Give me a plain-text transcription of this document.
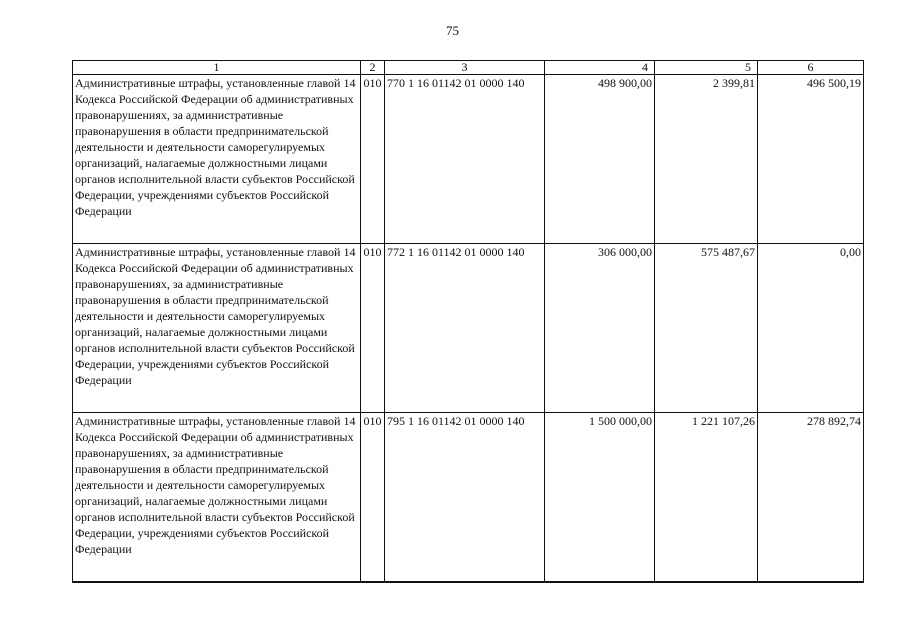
75
1	2	3	4	5	6
Административные штрафы, установленные главой 14 Кодекса Российской Федерации об административных правонарушениях, за административные правонарушения в области предпринимательской деятельности и деятельности саморегулируемых организаций, налагаемые должностными лицами органов исполнительной власти субъектов Российской Федерации, учреждениями субъектов Российской Федерации	010	770 1 16 01142 01 0000 140	498 900,00	2 399,81	496 500,19
Административные штрафы, установленные главой 14 Кодекса Российской Федерации об административных правонарушениях, за административные правонарушения в области предпринимательской деятельности и деятельности саморегулируемых организаций, налагаемые должностными лицами органов исполнительной власти субъектов Российской Федерации, учреждениями субъектов Российской Федерации	010	772 1 16 01142 01 0000 140	306 000,00	575 487,67	0,00
Административные штрафы, установленные главой 14 Кодекса Российской Федерации об административных правонарушениях, за административные правонарушения в области предпринимательской деятельности и деятельности саморегулируемых организаций, налагаемые должностными лицами органов исполнительной власти субъектов Российской Федерации, учреждениями субъектов Российской Федерации	010	795 1 16 01142 01 0000 140	1 500 000,00	1 221 107,26	278 892,74
